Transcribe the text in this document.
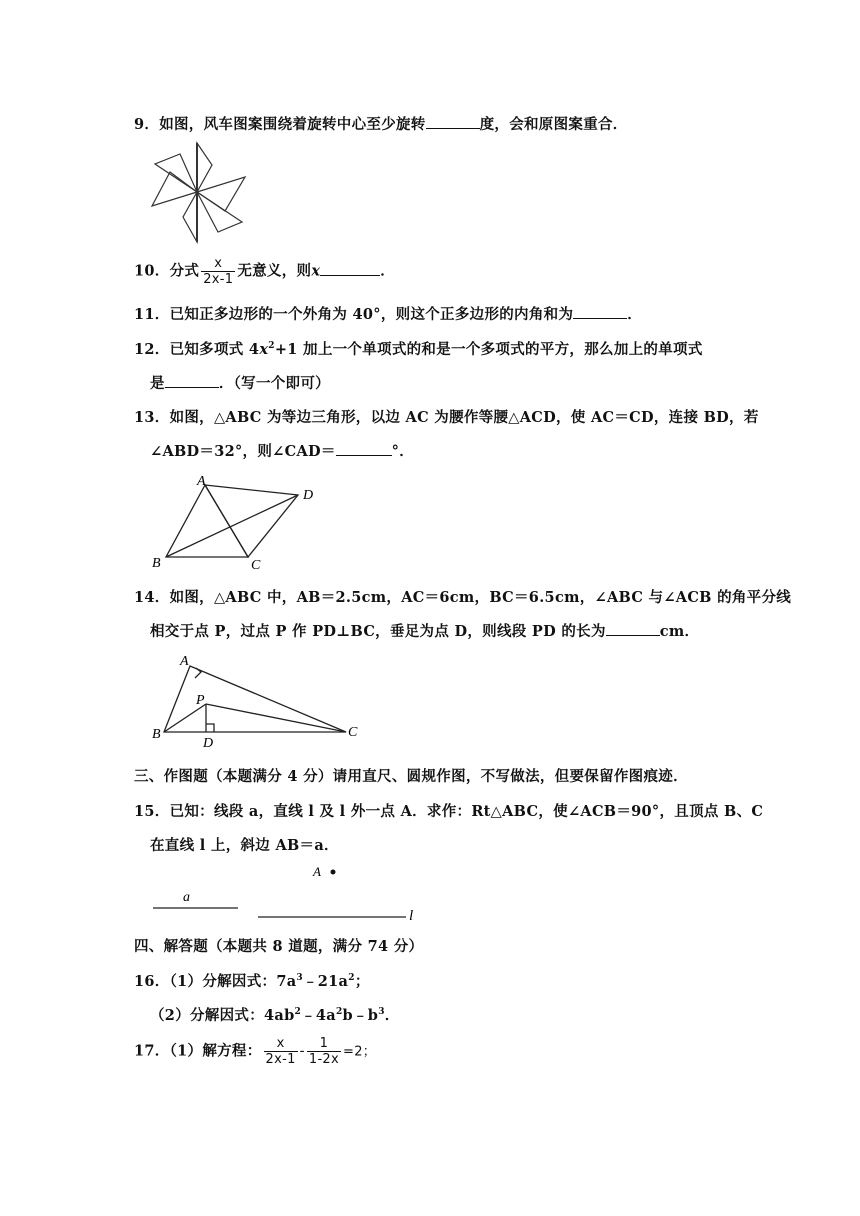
9．如图，风车图案围绕着旋转中心至少旋转	度，会和原图案重合．
10．分式 $\frac{x}{2x-1}$ 无意义，则x	．
11．已知正多边形的一个外角为 40°，则这个正多边形的内角和为	．
12．已知多项式 $4x^2+1$ 加上一个单项式的和是一个多项式的平方，那么加上的单项式
是	．（写一个即可）
13．如图，△ABC 为等边三角形，以边 AC 为腰作等腰△ACD，使 AC＝CD，连接 BD，若
∠ABD＝32°，则∠CAD＝	°．
A
B	C
D
14．如图，△ABC 中，AB＝2.5cm，AC＝6cm，BC＝6.5cm，∠ABC 与∠ACB 的角平分线
相交于点 P，过点 P 作 PD⊥BC，垂足为点 D，则线段 PD 的长为	cm．
A
B	C
P
D
三、作图题（本题满分 4 分）请用直尺、圆规作图，不写做法，但要保留作图痕迹．
15．已知：线段 a，直线 l 及 l 外一点 A．求作：Rt△ABC，使∠ACB＝90°，且顶点 B、C
在直线 l 上，斜边 AB＝a．
A
a
l
四、解答题（本题共 8 道题，满分 74 分）
16．（1）分解因式：$7a^3﹣21a^2$；
（2）分解因式：$4ab^2﹣4a^2b﹣b^3$．
17．（1）解方程： $\frac{x}{2x-1} - \frac{1}{1-2x} =2$；
